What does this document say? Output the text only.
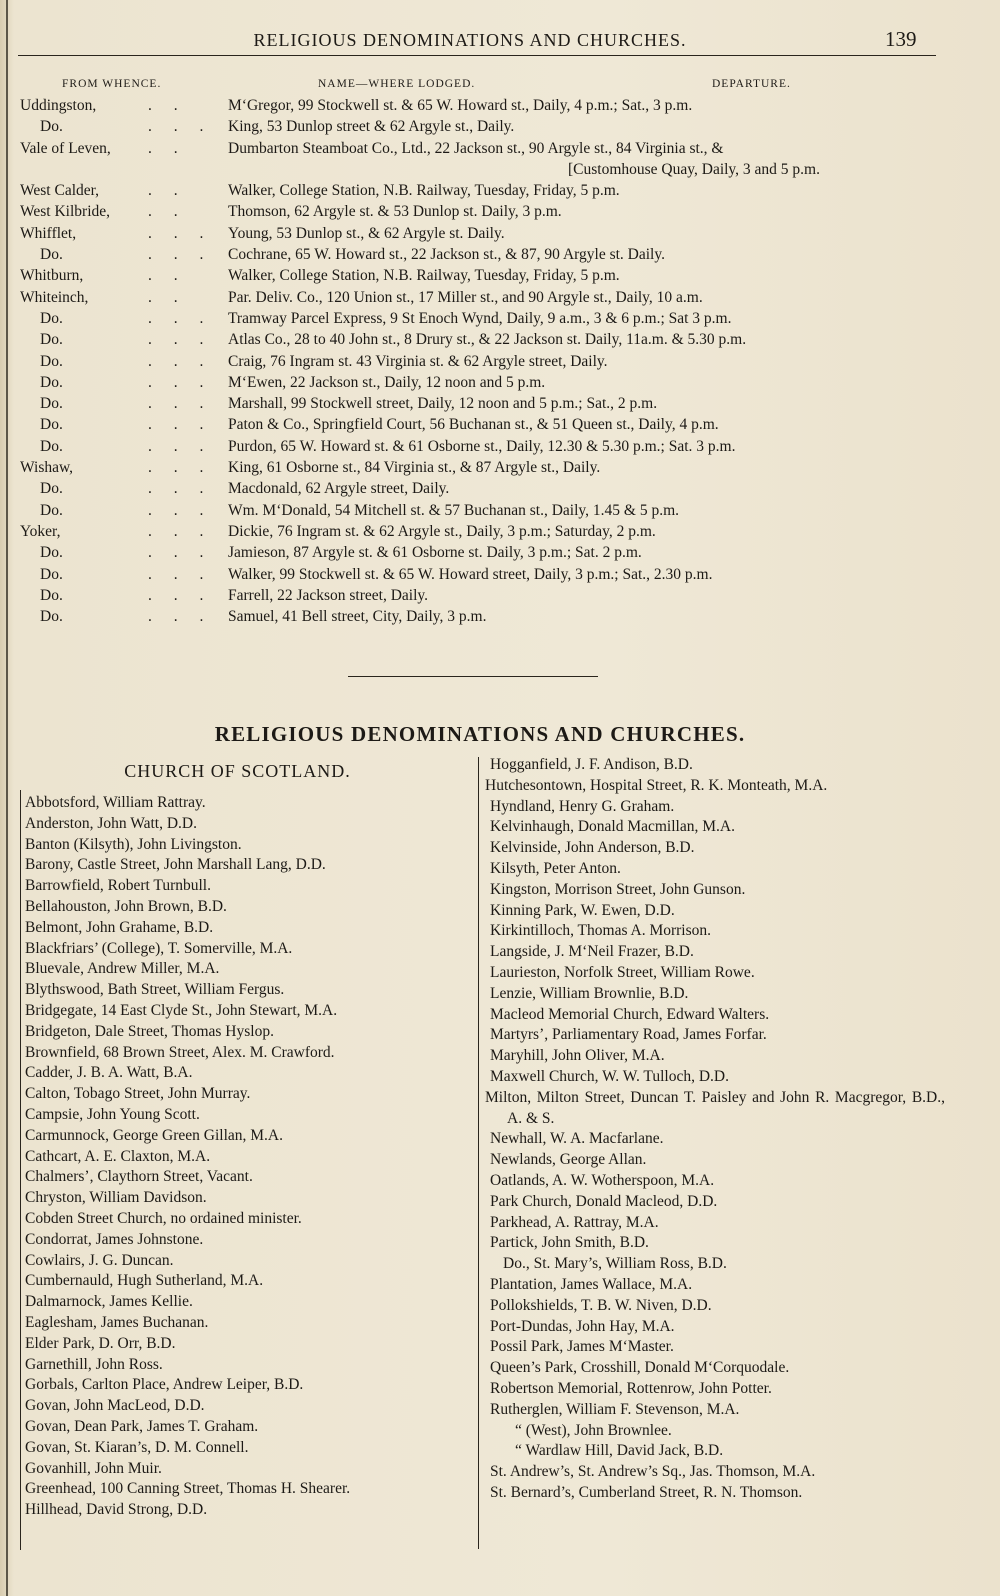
RELIGIOUS DENOMINATIONS AND CHURCHES.	139
FROM WHENCE.	NAME—WHERE LODGED.	DEPARTURE.
Uddingston,	. .	M‘Gregor, 99 Stockwell st. & 65 W. Howard st., Daily, 4 p.m.; Sat., 3 p.m.
Do.	. . . King, 53 Dunlop street & 62 Argyle st., Daily.
Vale of Leven, . .	Dumbarton Steamboat Co., Ltd., 22 Jackson st., 90 Argyle st., 84 Virginia st., &
[Customhouse Quay, Daily, 3 and 5 p.m.
West Calder,	. .	Walker, College Station, N.B. Railway, Tuesday, Friday, 5 p.m.
West Kilbride, . .	Thomson, 62 Argyle st. & 53 Dunlop st. Daily, 3 p.m.
Whifflet,	. . . Young, 53 Dunlop st., & 62 Argyle st. Daily.
Do.	. . . Cochrane, 65 W. Howard st., 22 Jackson st., & 87, 90 Argyle st. Daily.
Whitburn,	. .	Walker, College Station, N.B. Railway, Tuesday, Friday, 5 p.m.
Whiteinch,	. .	Par. Deliv. Co., 120 Union st., 17 Miller st., and 90 Argyle st., Daily, 10 a.m.
Do.	. . . Tramway Parcel Express, 9 St Enoch Wynd, Daily, 9 a.m., 3 & 6 p.m.; Sat 3 p.m.
Do.	. . . Atlas Co., 28 to 40 John st., 8 Drury st., & 22 Jackson st. Daily, 11a.m. & 5.30 p.m.
Do.	. . . Craig, 76 Ingram st. 43 Virginia st. & 62 Argyle street, Daily.
Do.	. . . M‘Ewen, 22 Jackson st., Daily, 12 noon and 5 p.m.
Do.	. . . Marshall, 99 Stockwell street, Daily, 12 noon and 5 p.m.; Sat., 2 p.m.
Do.	. . . Paton & Co., Springfield Court, 56 Buchanan st., & 51 Queen st., Daily, 4 p.m.
Do.	. . . Purdon, 65 W. Howard st. & 61 Osborne st., Daily, 12.30 & 5.30 p.m.; Sat. 3 p.m.
Wishaw,	. . . King, 61 Osborne st., 84 Virginia st., & 87 Argyle st., Daily.
Do.	. . . Macdonald, 62 Argyle street, Daily.
Do.	. . . Wm. M‘Donald, 54 Mitchell st. & 57 Buchanan st., Daily, 1.45 & 5 p.m.
Yoker,	. . . Dickie, 76 Ingram st. & 62 Argyle st., Daily, 3 p.m.; Saturday, 2 p.m.
Do.	. . . Jamieson, 87 Argyle st. & 61 Osborne st. Daily, 3 p.m.; Sat. 2 p.m.
Do.	. . . Walker, 99 Stockwell st. & 65 W. Howard street, Daily, 3 p.m.; Sat., 2.30 p.m.
Do.	. . . Farrell, 22 Jackson street, Daily.
Do.	. . . Samuel, 41 Bell street, City, Daily, 3 p.m.
RELIGIOUS DENOMINATIONS AND CHURCHES.
CHURCH OF SCOTLAND.
Abbotsford, William Rattray.
Anderston, John Watt, D.D.
Banton (Kilsyth), John Livingston.
Barony, Castle Street, John Marshall Lang, D.D.
Barrowfield, Robert Turnbull.
Bellahouston, John Brown, B.D.
Belmont, John Grahame, B.D.
Blackfriars’ (College), T. Somerville, M.A.
Bluevale, Andrew Miller, M.A.
Blythswood, Bath Street, William Fergus.
Bridgegate, 14 East Clyde St., John Stewart, M.A.
Bridgeton, Dale Street, Thomas Hyslop.
Brownfield, 68 Brown Street, Alex. M. Crawford.
Cadder, J. B. A. Watt, B.A.
Calton, Tobago Street, John Murray.
Campsie, John Young Scott.
Carmunnock, George Green Gillan, M.A.
Cathcart, A. E. Claxton, M.A.
Chalmers’, Claythorn Street, Vacant.
Chryston, William Davidson.
Cobden Street Church, no ordained minister.
Condorrat, James Johnstone.
Cowlairs, J. G. Duncan.
Cumbernauld, Hugh Sutherland, M.A.
Dalmarnock, James Kellie.
Eaglesham, James Buchanan.
Elder Park, D. Orr, B.D.
Garnethill, John Ross.
Gorbals, Carlton Place, Andrew Leiper, B.D.
Govan, John MacLeod, D.D.
Govan, Dean Park, James T. Graham.
Govan, St. Kiaran’s, D. M. Connell.
Govanhill, John Muir.
Greenhead, 100 Canning Street, Thomas H. Shearer.
Hillhead, David Strong, D.D.
Hogganfield, J. F. Andison, B.D.
Hutchesontown, Hospital Street, R. K. Monteath, M.A.
Hyndland, Henry G. Graham.
Kelvinhaugh, Donald Macmillan, M.A.
Kelvinside, John Anderson, B.D.
Kilsyth, Peter Anton.
Kingston, Morrison Street, John Gunson.
Kinning Park, W. Ewen, D.D.
Kirkintilloch, Thomas A. Morrison.
Langside, J. M‘Neil Frazer, B.D.
Laurieston, Norfolk Street, William Rowe.
Lenzie, William Brownlie, B.D.
Macleod Memorial Church, Edward Walters.
Martyrs’, Parliamentary Road, James Forfar.
Maryhill, John Oliver, M.A.
Maxwell Church, W. W. Tulloch, D.D.
Milton, Milton Street, Duncan T. Paisley and John R. Macgregor, B.D., A. & S.
Newhall, W. A. Macfarlane.
Newlands, George Allan.
Oatlands, A. W. Wotherspoon, M.A.
Park Church, Donald Macleod, D.D.
Parkhead, A. Rattray, M.A.
Partick, John Smith, B.D.
Do., St. Mary’s, William Ross, B.D.
Plantation, James Wallace, M.A.
Pollokshields, T. B. W. Niven, D.D.
Port-Dundas, John Hay, M.A.
Possil Park, James M‘Master.
Queen’s Park, Crosshill, Donald M‘Corquodale.
Robertson Memorial, Rottenrow, John Potter.
Rutherglen, William F. Stevenson, M.A.
“ (West), John Brownlee.
“ Wardlaw Hill, David Jack, B.D.
St. Andrew’s, St. Andrew’s Sq., Jas. Thomson, M.A.
St. Bernard’s, Cumberland Street, R. N. Thomson.
